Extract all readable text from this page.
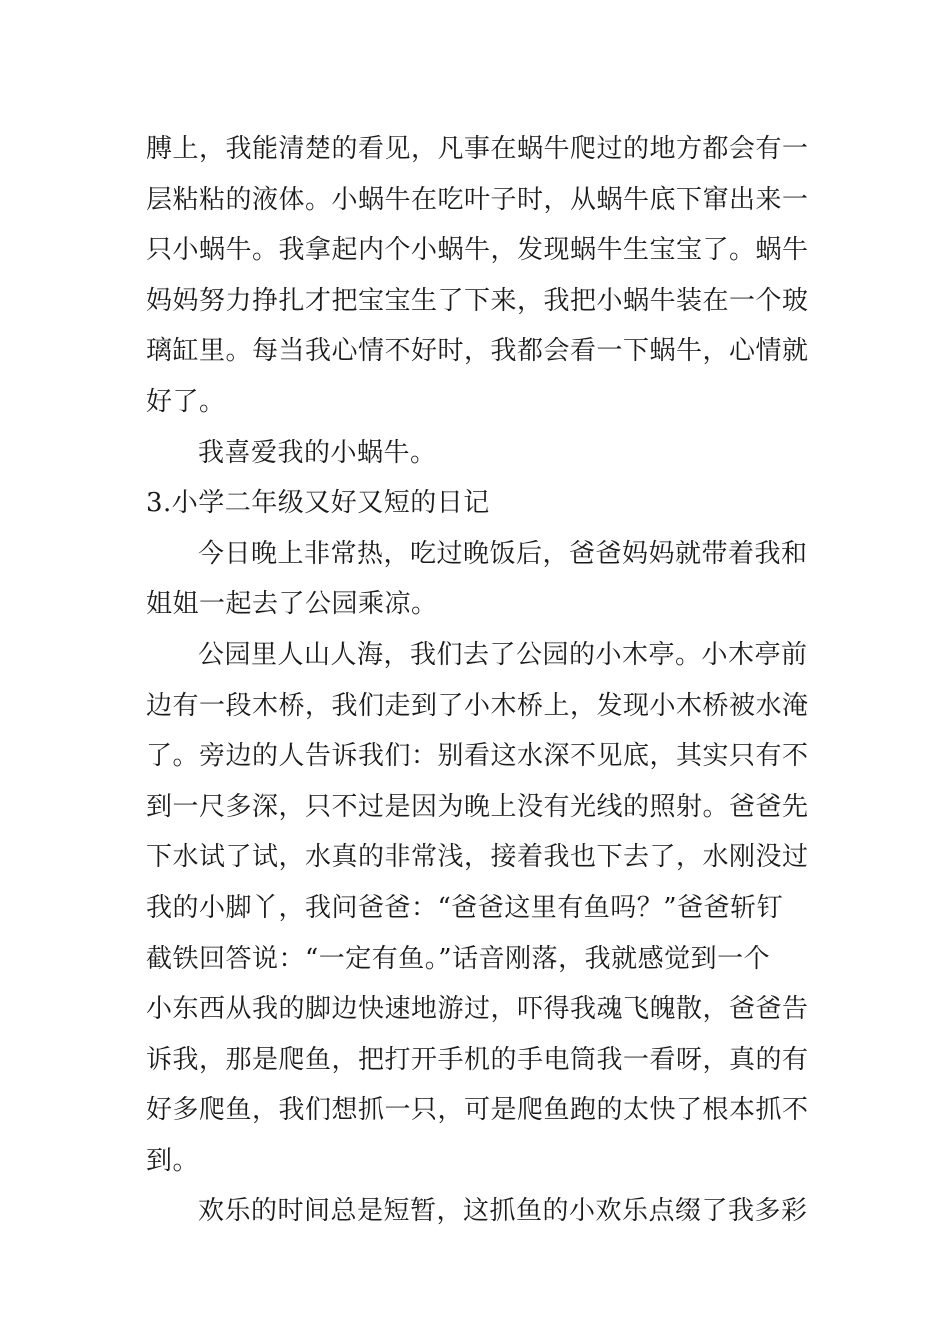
膊上，我能清楚的看见，凡事在蜗牛爬过的地方都会有一
层粘粘的液体。小蜗牛在吃叶子时，从蜗牛底下窜出来一
只小蜗牛。我拿起内个小蜗牛，发现蜗牛生宝宝了。蜗牛
妈妈努力挣扎才把宝宝生了下来，我把小蜗牛装在一个玻
璃缸里。每当我心情不好时，我都会看一下蜗牛，心情就
好了。
我喜爱我的小蜗牛。
3.小学二年级又好又短的日记
今日晚上非常热，吃过晚饭后，爸爸妈妈就带着我和
姐姐一起去了公园乘凉。
公园里人山人海，我们去了公园的小木亭。小木亭前
边有一段木桥，我们走到了小木桥上，发现小木桥被水淹
了。旁边的人告诉我们：别看这水深不见底，其实只有不
到一尺多深，只不过是因为晚上没有光线的照射。爸爸先
下水试了试，水真的非常浅，接着我也下去了，水刚没过
我的小脚丫，我问爸爸：“爸爸这里有鱼吗？”爸爸斩钉
截铁回答说：“一定有鱼。”话音刚落，我就感觉到一个
小东西从我的脚边快速地游过，吓得我魂飞魄散，爸爸告
诉我，那是爬鱼，把打开手机的手电筒我一看呀，真的有
好多爬鱼，我们想抓一只，可是爬鱼跑的太快了根本抓不
到。
欢乐的时间总是短暂，这抓鱼的小欢乐点缀了我多彩
